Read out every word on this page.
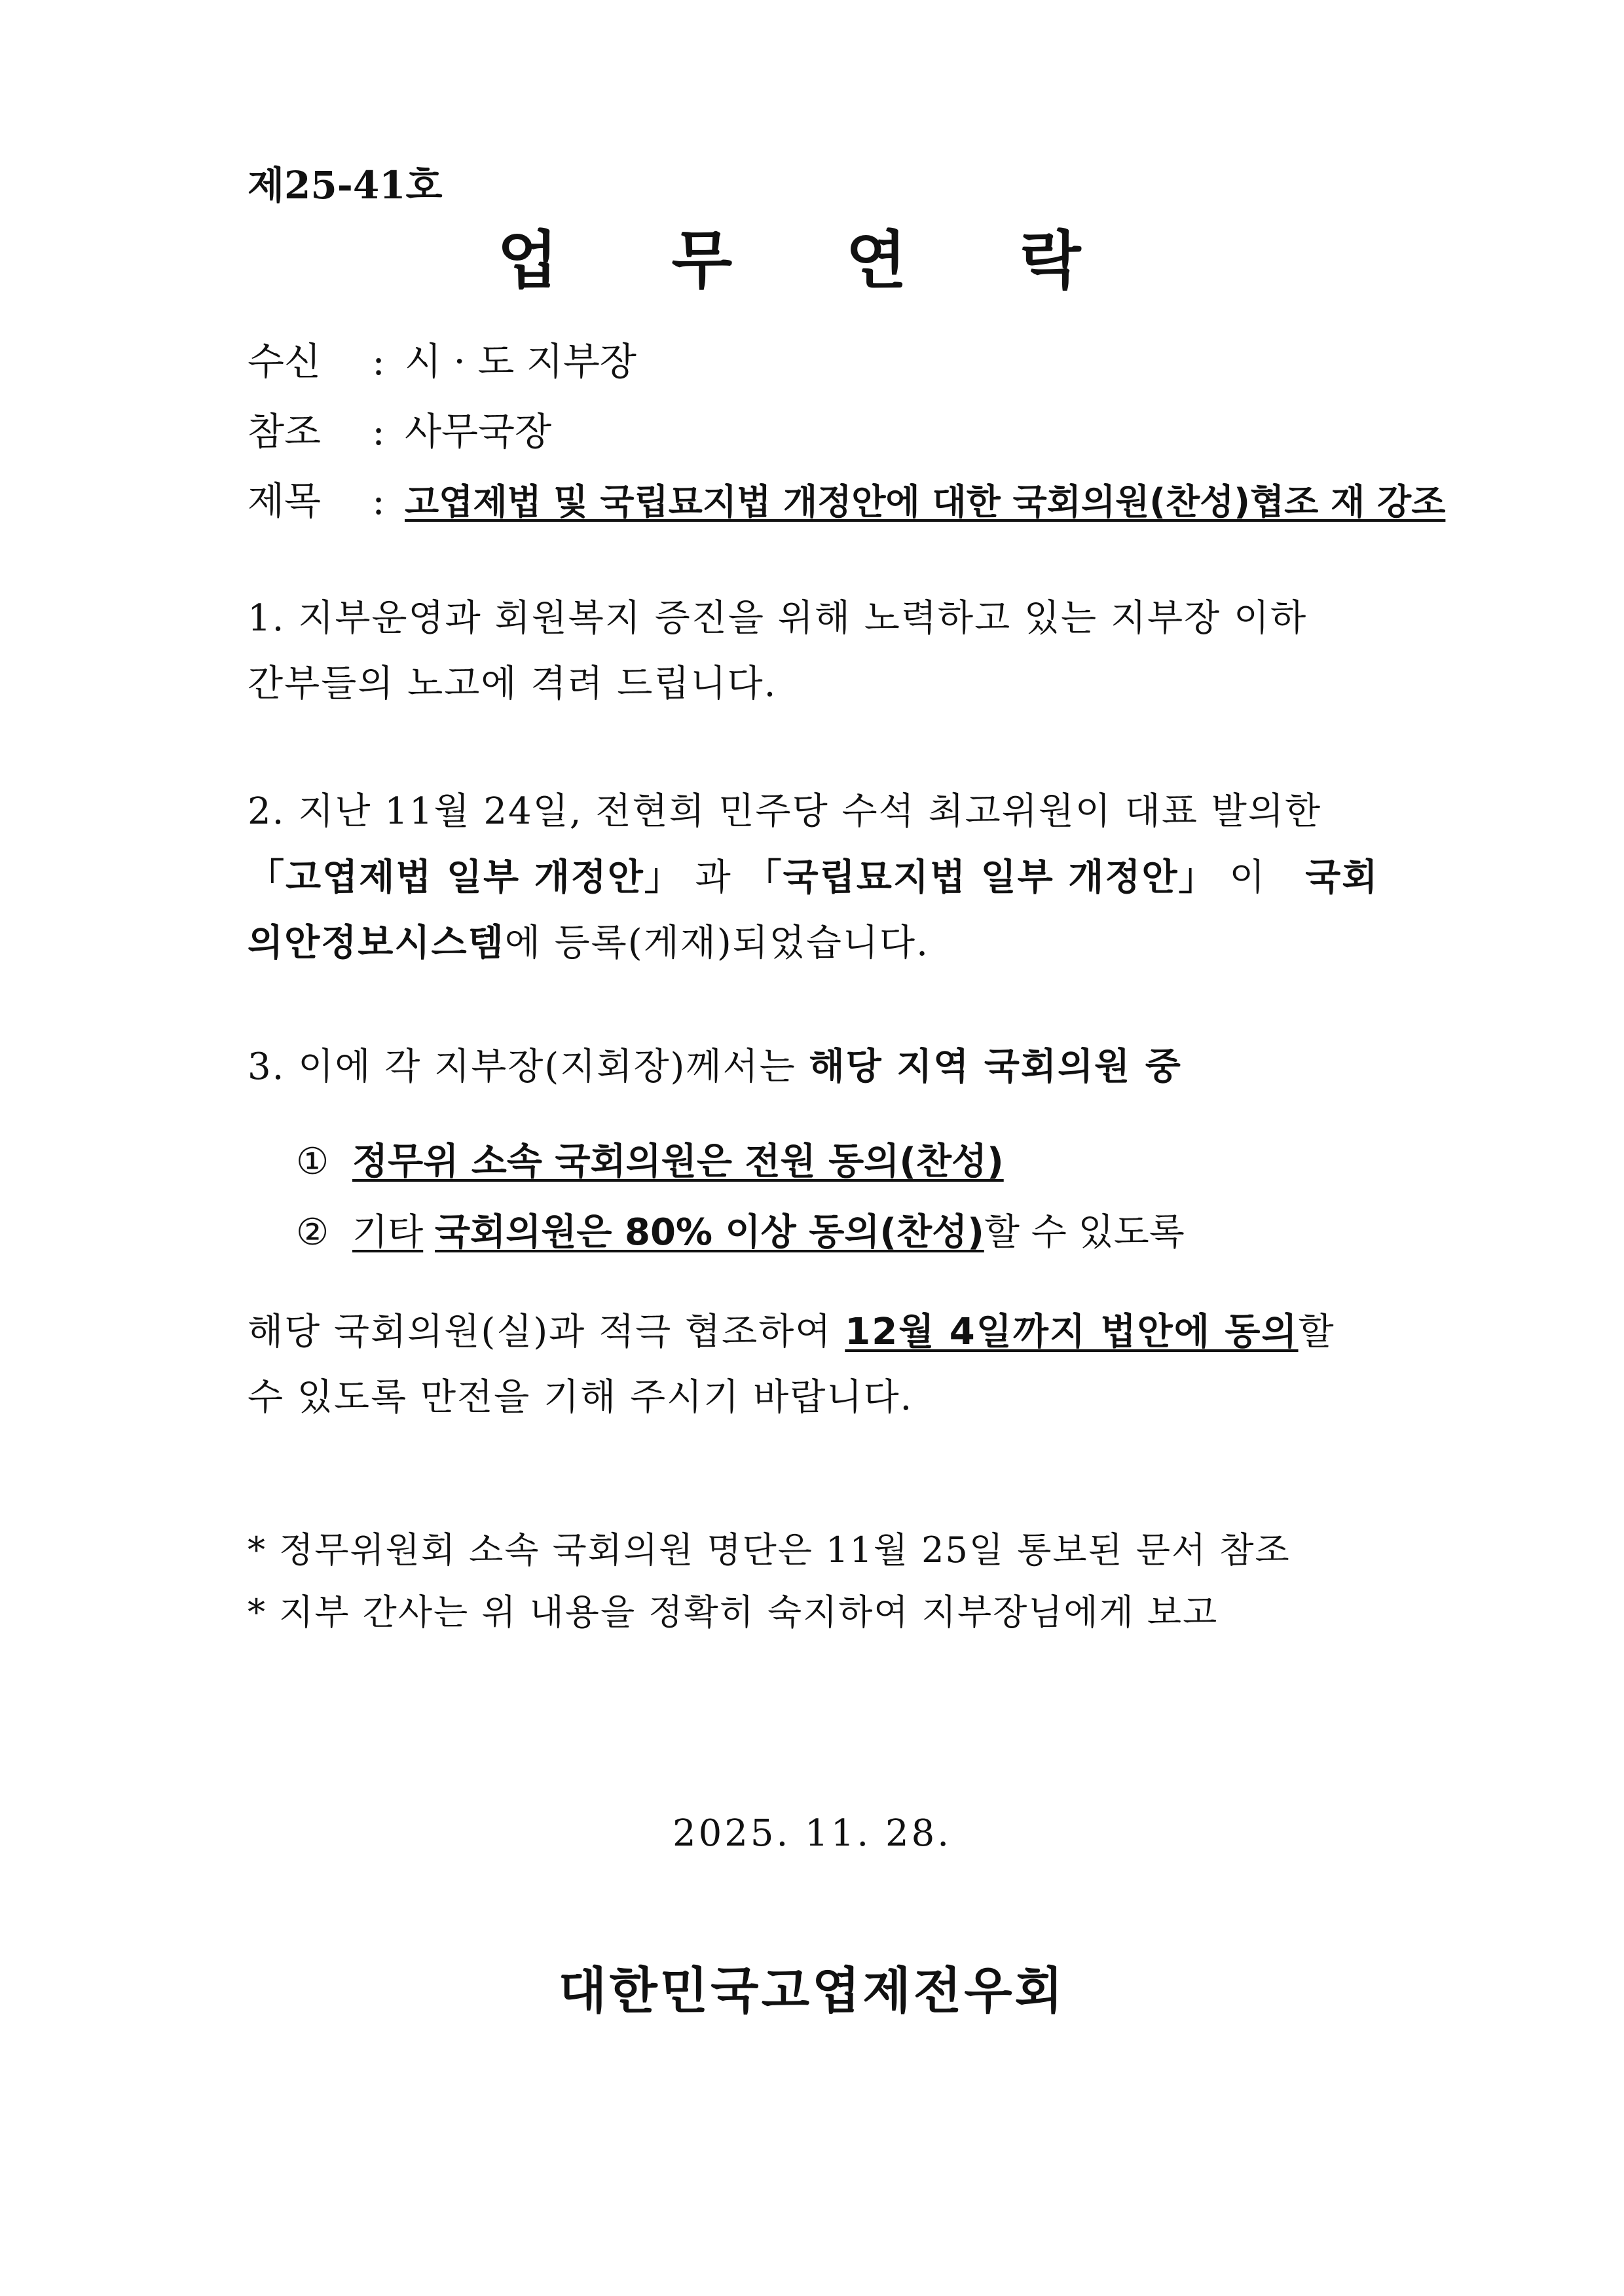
제25-41호
업 무 연 락
수신 : 시 · 도 지부장
참조 : 사무국장
제목 : 고엽제법 및 국립묘지법 개정안에 대한 국회의원(찬성)협조 재 강조
1. 지부운영과 회원복지 증진을 위해 노력하고 있는 지부장 이하
간부들의 노고에 격려 드립니다.
2. 지난 11월 24일, 전현희 민주당 수석 최고위원이 대표 발의한
「고엽제법 일부 개정안」 과 「국립묘지법 일부 개정안」 이 국회
의안정보시스템에 등록(게재)되었습니다.
3. 이에 각 지부장(지회장)께서는 해당 지역 국회의원 중
① 정무위 소속 국회의원은 전원 동의(찬성)
② 기타 국회의원은 80% 이상 동의(찬성)할 수 있도록
해당 국회의원(실)과 적극 협조하여 12월 4일까지 법안에 동의할
수 있도록 만전을 기해 주시기 바랍니다.
* 정무위원회 소속 국회의원 명단은 11월 25일 통보된 문서 참조
* 지부 간사는 위 내용을 정확히 숙지하여 지부장님에게 보고
2025. 11. 28.
대한민국고엽제전우회
